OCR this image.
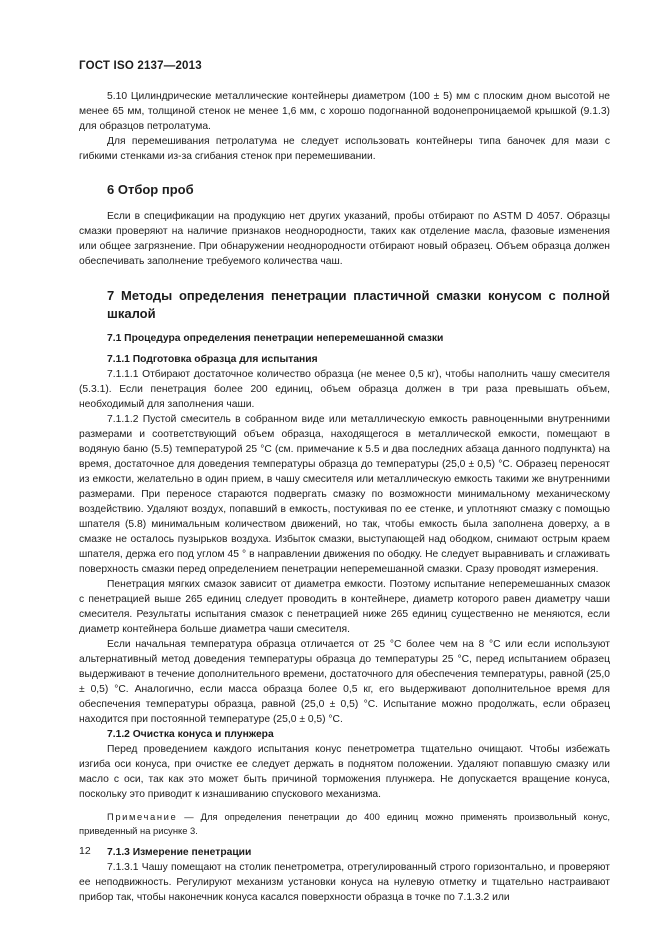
ГОСТ ISO 2137—2013

5.10 Цилиндрические металлические контейнеры диаметром (100 ± 5) мм с плоским дном высотой не менее 65 мм, толщиной стенок не менее 1,6 мм, с хорошо подогнанной водонепроницаемой крышкой (9.1.3) для образцов петролатума.

Для перемешивания петролатума не следует использовать контейнеры типа баночек для мази с гибкими стенками из-за сгибания стенок при перемешивании.

6 Отбор проб

Если в спецификации на продукцию нет других указаний, пробы отбирают по ASTM D 4057. Образцы смазки проверяют на наличие признаков неоднородности, таких как отделение масла, фазовые изменения или общее загрязнение. При обнаружении неоднородности отбирают новый образец. Объем образца должен обеспечивать заполнение требуемого количества чаш.

7 Методы определения пенетрации пластичной смазки конусом с полной шкалой
7.1 Процедура определения пенетрации неперемешанной смазки
7.1.1 Подготовка образца для испытания

7.1.1.1 Отбирают достаточное количество образца (не менее 0,5 кг), чтобы наполнить чашу смесителя (5.3.1). Если пенетрация более 200 единиц, объем образца должен в три раза превышать объем, необходимый для заполнения чаши.

7.1.1.2 Пустой смеситель в собранном виде или металлическую емкость равноценными внутренними размерами и соответствующий объем образца, находящегося в металлической емкости, помещают в водяную баню (5.5) температурой 25 °С (см. примечание к 5.5 и два последних абзаца данного подпункта) на время, достаточное для доведения температуры образца до температуры (25,0 ± 0,5) °С. Образец переносят из емкости, желательно в один прием, в чашу смесителя или металлическую емкость такими же внутренними размерами. При переносе стараются подвергать смазку по возможности минимальному механическому воздействию. Удаляют воздух, попавший в емкость, постукивая по ее стенке, и уплотняют смазку с помощью шпателя (5.8) минимальным количеством движений, но так, чтобы емкость была заполнена доверху, а в смазке не осталось пузырьков воздуха. Избыток смазки, выступающей над ободком, снимают острым краем шпателя, держа его под углом 45 ° в направлении движения по ободку. Не следует выравнивать и сглаживать поверхность смазки перед определением пенетрации неперемешанной смазки. Сразу проводят измерения.

Пенетрация мягких смазок зависит от диаметра емкости. Поэтому испытание неперемешанных смазок с пенетрацией выше 265 единиц следует проводить в контейнере, диаметр которого равен диаметру чаши смесителя. Результаты испытания смазок с пенетрацией ниже 265 единиц существенно не меняются, если диаметр контейнера больше диаметра чаши смесителя.

Если начальная температура образца отличается от 25 °С более чем на 8 °С или если используют альтернативный метод доведения температуры образца до температуры 25 °С, перед испытанием образец выдерживают в течение дополнительного времени, достаточного для обеспечения температуры, равной (25,0 ± 0,5) °С. Аналогично, если масса образца более 0,5 кг, его выдерживают дополнительное время для обеспечения температуры образца, равной (25,0 ± 0,5) °С. Испытание можно продолжать, если образец находится при постоянной температуре (25,0 ± 0,5) °С.

7.1.2 Очистка конуса и плунжера

Перед проведением каждого испытания конус пенетрометра тщательно очищают. Чтобы избежать изгиба оси конуса, при очистке ее следует держать в поднятом положении. Удаляют попавшую смазку или масло с оси, так как это может быть причиной торможения плунжера. Не допускается вращение конуса, поскольку это приводит к изнашиванию спускового механизма.

Примечание — Для определения пенетрации до 400 единиц можно применять произвольный конус, приведенный на рисунке 3.

7.1.3 Измерение пенетрации

7.1.3.1 Чашу помещают на столик пенетрометра, отрегулированный строго горизонтально, и проверяют ее неподвижность. Регулируют механизм установки конуса на нулевую отметку и тщательно настраивают прибор так, чтобы наконечник конуса касался поверхности образца в точке по 7.1.3.2 или

12
